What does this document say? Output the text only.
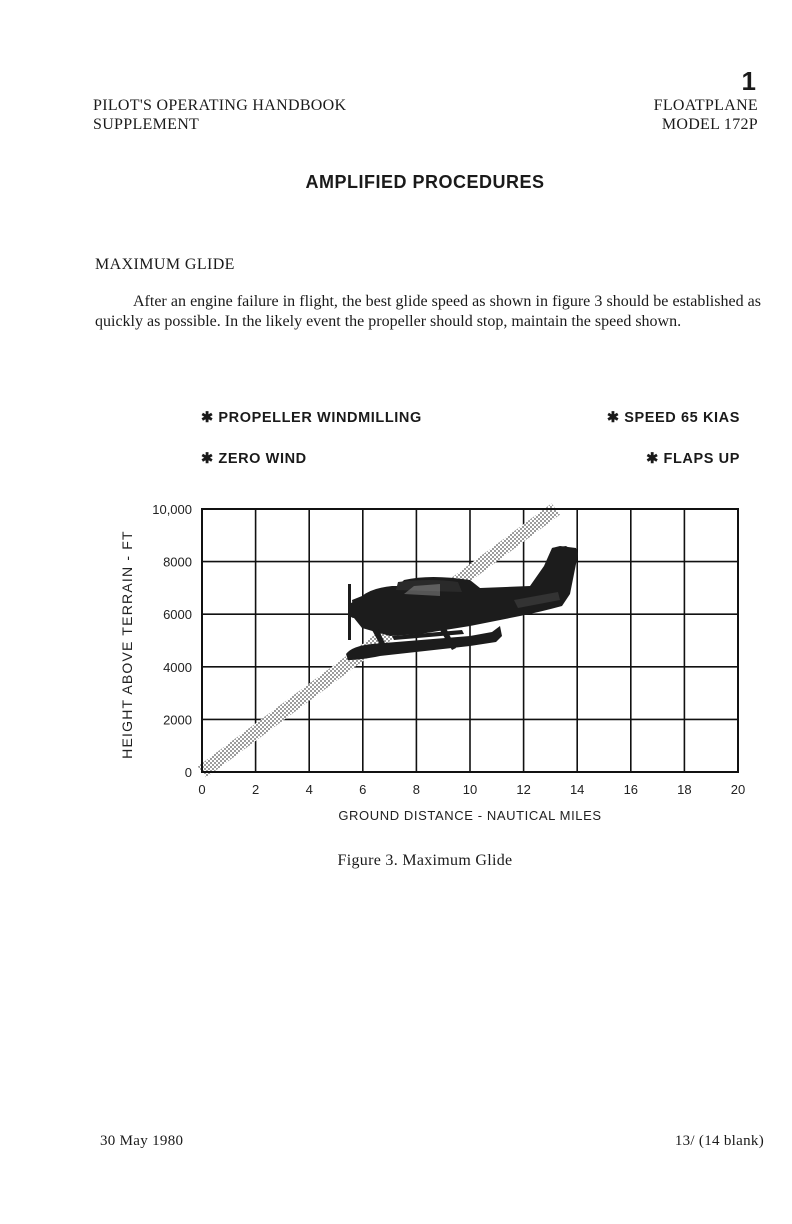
1
PILOT'S OPERATING HANDBOOK
SUPPLEMENT
FLOATPLANE
MODEL 172P
AMPLIFIED PROCEDURES
MAXIMUM GLIDE
After an engine failure in flight, the best glide speed as shown in figure 3 should be established as quickly as possible. In the likely event the propeller should stop, maintain the speed shown.
✱ PROPELLER WINDMILLING	✱ SPEED 65 KIAS
✱ ZERO WIND	✱ FLAPS UP
0
2000
4000
6000
8000
10,000
0	2	4	6	8	10	12	14	16	18	20
HEIGHT ABOVE TERRAIN - FT
GROUND DISTANCE - NAUTICAL MILES
Figure 3. Maximum Glide
30 May 1980	13/ (14 blank)
